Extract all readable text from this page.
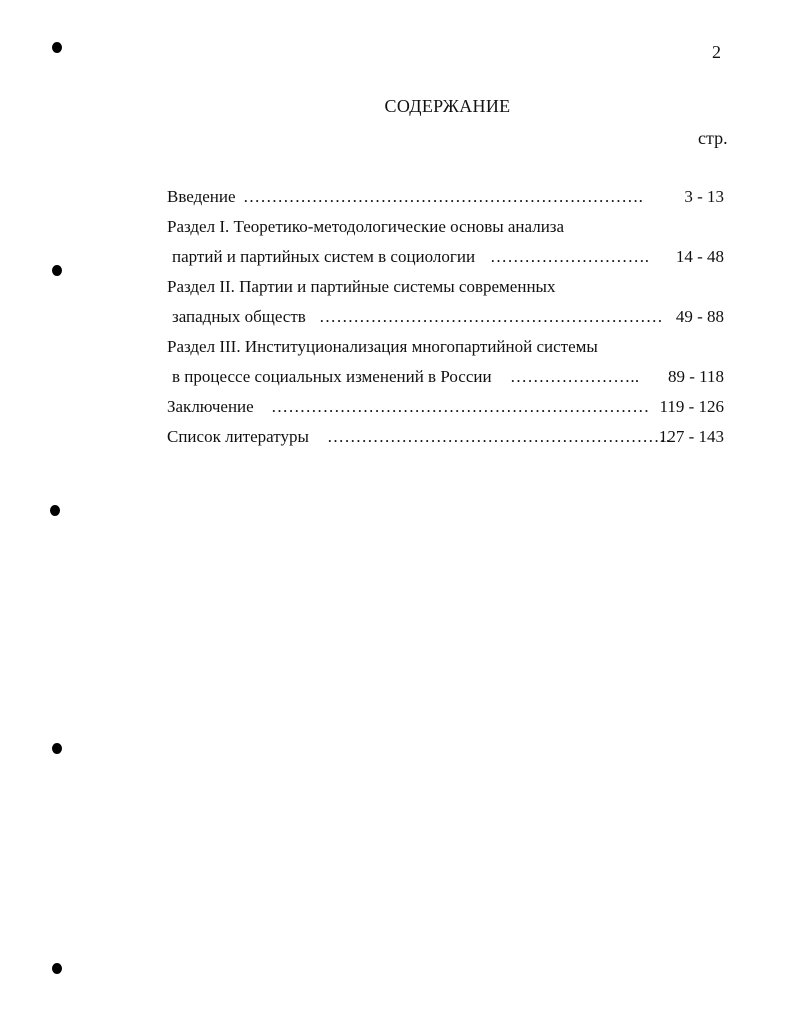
2
СОДЕРЖАНИЕ
стр.
Введение ……………………………………………………………. 3 - 13
Раздел I. Теоретико-методологические основы анализа
партий и партийных систем в социологии ………………………. 14 - 48
Раздел II. Партии и партийные системы современных
западных обществ …………………………………………………… 49 - 88
Раздел III. Институционализация многопартийной системы
в процессе социальных изменений в России ………………….. 89 - 118
Заключение ………………………………………………………… 119 - 126
Список литературы ……………………………………………………
127 - 143
